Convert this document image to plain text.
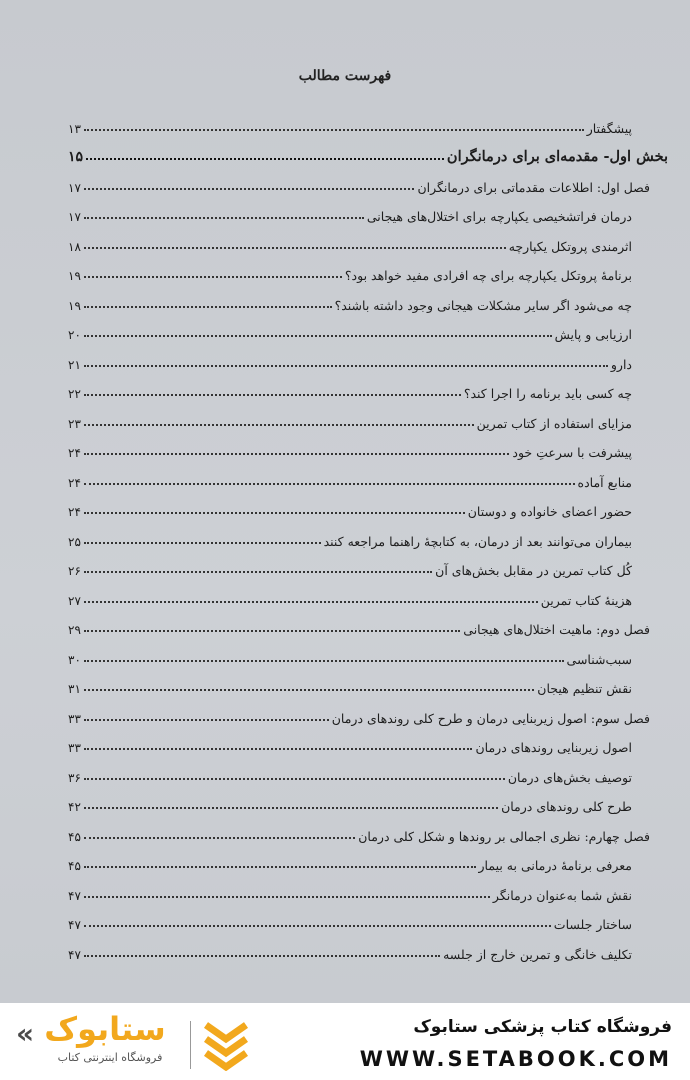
فهرست مطالب
پیشگفتار
۱۳
بخش اول- مقدمه‌ای برای درمانگران
۱۵
فصل اول: اطلاعات مقدماتی برای درمانگران
۱۷
درمان فراتشخیصی یکپارچه برای اختلال‌های هیجانی
۱۷
اثرمندی پروتکل یکپارچه
۱۸
برنامهٔ پروتکل یکپارچه برای چه افرادی مفید خواهد بود؟
۱۹
چه می‌شود اگر سایر مشکلات هیجانی وجود داشته باشند؟
۱۹
ارزیابی و پایش
۲۰
دارو
۲۱
چه کسی باید برنامه را اجرا کند؟
۲۲
مزایای استفاده از کتاب تمرین
۲۳
پیشرفت با سرعتِ خود
۲۴
منابع آماده
۲۴
حضور اعضای خانواده و دوستان
۲۴
بیماران می‌توانند بعد از درمان، به کتابچهٔ راهنما مراجعه کنند
۲۵
کُل کتاب تمرین در مقابل بخش‌های آن
۲۶
هزینهٔ کتاب تمرین
۲۷
فصل دوم: ماهیت اختلال‌های هیجانی
۲۹
سبب‌شناسی
۳۰
نقش تنظیم هیجان
۳۱
فصل سوم: اصول زیربنایی درمان و طرح کلی روندهای درمان
۳۳
اصول زیربنایی روندهای درمان
۳۳
توصیف بخش‌های درمان
۳۶
طرح کلی روندهای درمان
۴۲
فصل چهارم: نظری اجمالی بر روندها و شکل کلی درمان
۴۵
معرفی برنامهٔ درمانی به بیمار
۴۵
نقش شما به‌عنوان درمانگر
۴۷
ساختار جلسات
۴۷
تکلیف خانگی و تمرین خارج از جلسه
۴۷
فروشگاه کتاب پزشکی ستابوک
WWW.SETABOOK.COM
« ستابوک
فروشگاه اینترنتی کتاب
